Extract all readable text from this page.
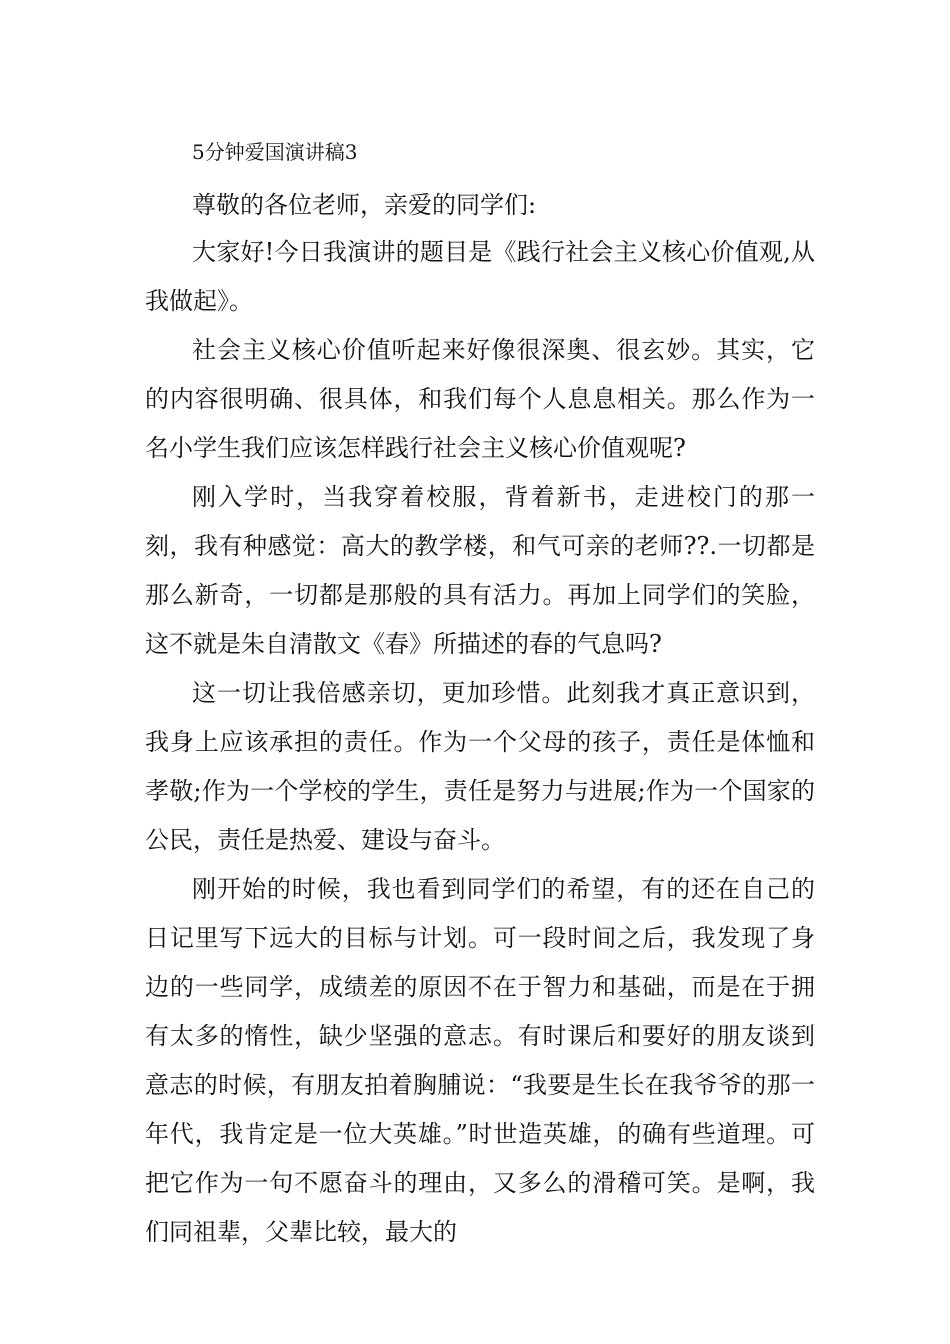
5分钟爱国演讲稿3
尊敬的各位老师，亲爱的同学们:

大家好!今日我演讲的题目是《践行社会主义核心价值观,从我做起》。

社会主义核心价值听起来好像很深奥、很玄妙。其实，它的内容很明确、很具体，和我们每个人息息相关。那么作为一名小学生我们应该怎样践行社会主义核心价值观呢?

刚入学时，当我穿着校服，背着新书，走进校门的那一刻，我有种感觉：高大的教学楼，和气可亲的老师??.一切都是那么新奇，一切都是那般的具有活力。再加上同学们的笑脸，这不就是朱自清散文《春》所描述的春的气息吗?

这一切让我倍感亲切，更加珍惜。此刻我才真正意识到，我身上应该承担的责任。作为一个父母的孩子，责任是体恤和孝敬;作为一个学校的学生，责任是努力与进展;作为一个国家的公民，责任是热爱、建设与奋斗。

刚开始的时候，我也看到同学们的希望，有的还在自己的日记里写下远大的目标与计划。可一段时间之后，我发现了身边的一些同学，成绩差的原因不在于智力和基础，而是在于拥有太多的惰性，缺少坚强的意志。有时课后和要好的朋友谈到意志的时候，有朋友拍着胸脯说：“我要是生长在我爷爷的那一年代，我肯定是一位大英雄。”时世造英雄，的确有些道理。可把它作为一句不愿奋斗的理由，又多么的滑稽可笑。是啊，我们同祖辈，父辈比较，最大的
